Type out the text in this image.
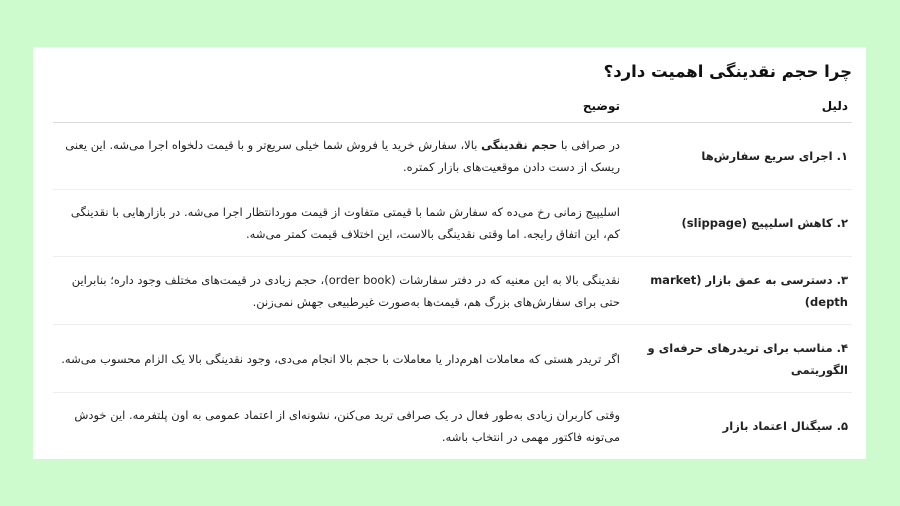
چرا حجم نقدینگی اهمیت دارد؟
دلیل	توضیح
۱. اجرای سریع سفارش‌ها	در صرافی با حجم نقدینگی بالا، سفارش خرید یا فروش شما خیلی سریع‌تر و با قیمت دلخواه اجرا می‌شه. این یعنی ریسک از دست دادن موقعیت‌های بازار کمتره.
۲. کاهش اسلیپیج (slippage)	اسلیپیج زمانی رخ می‌ده که سفارش شما با قیمتی متفاوت از قیمت موردانتظار اجرا می‌شه. در بازارهایی با نقدینگی کم، این اتفاق رایجه. اما وقتی نقدینگی بالاست، این اختلاف قیمت کمتر می‌شه.
۳. دسترسی به عمق بازار (market depth)	نقدینگی بالا به این معنیه که در دفتر سفارشات (order book)، حجم زیادی در قیمت‌های مختلف وجود داره؛ بنابراین حتی برای سفارش‌های بزرگ هم، قیمت‌ها به‌صورت غیرطبیعی جهش نمی‌زنن.
۴. مناسب برای تریدرهای حرفه‌ای و الگوریتمی	اگر تریدر هستی که معاملات اهرم‌دار یا معاملات با حجم بالا انجام می‌دی، وجود نقدینگی بالا یک الزام محسوب می‌شه.
۵. سیگنال اعتماد بازار	وقتی کاربران زیادی به‌طور فعال در یک صرافی ترید می‌کنن، نشونه‌ای از اعتماد عمومی به اون پلتفرمه. این خودش می‌تونه فاکتور مهمی در انتخاب باشه.
